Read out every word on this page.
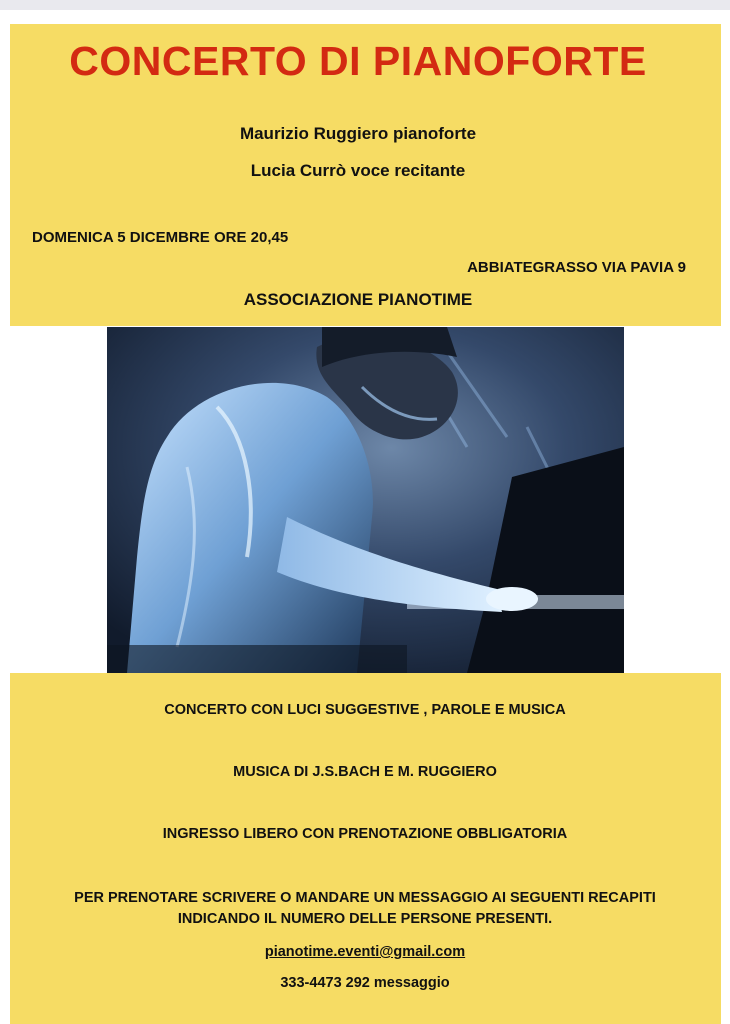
CONCERTO DI PIANOFORTE
Maurizio Ruggiero pianoforte
Lucia Currò voce recitante
DOMENICA 5 DICEMBRE ORE 20,45
ABBIATEGRASSO VIA PAVIA 9
ASSOCIAZIONE PIANOTIME
CONCERTO CON LUCI SUGGESTIVE , PAROLE E MUSICA
MUSICA DI J.S.BACH E M. RUGGIERO
INGRESSO LIBERO CON PRENOTAZIONE OBBLIGATORIA
PER PRENOTARE SCRIVERE O MANDARE UN MESSAGGIO AI SEGUENTI RECAPITI
INDICANDO IL NUMERO DELLE PERSONE PRESENTI.
pianotime.eventi@gmail.com
333-4473 292 messaggio
